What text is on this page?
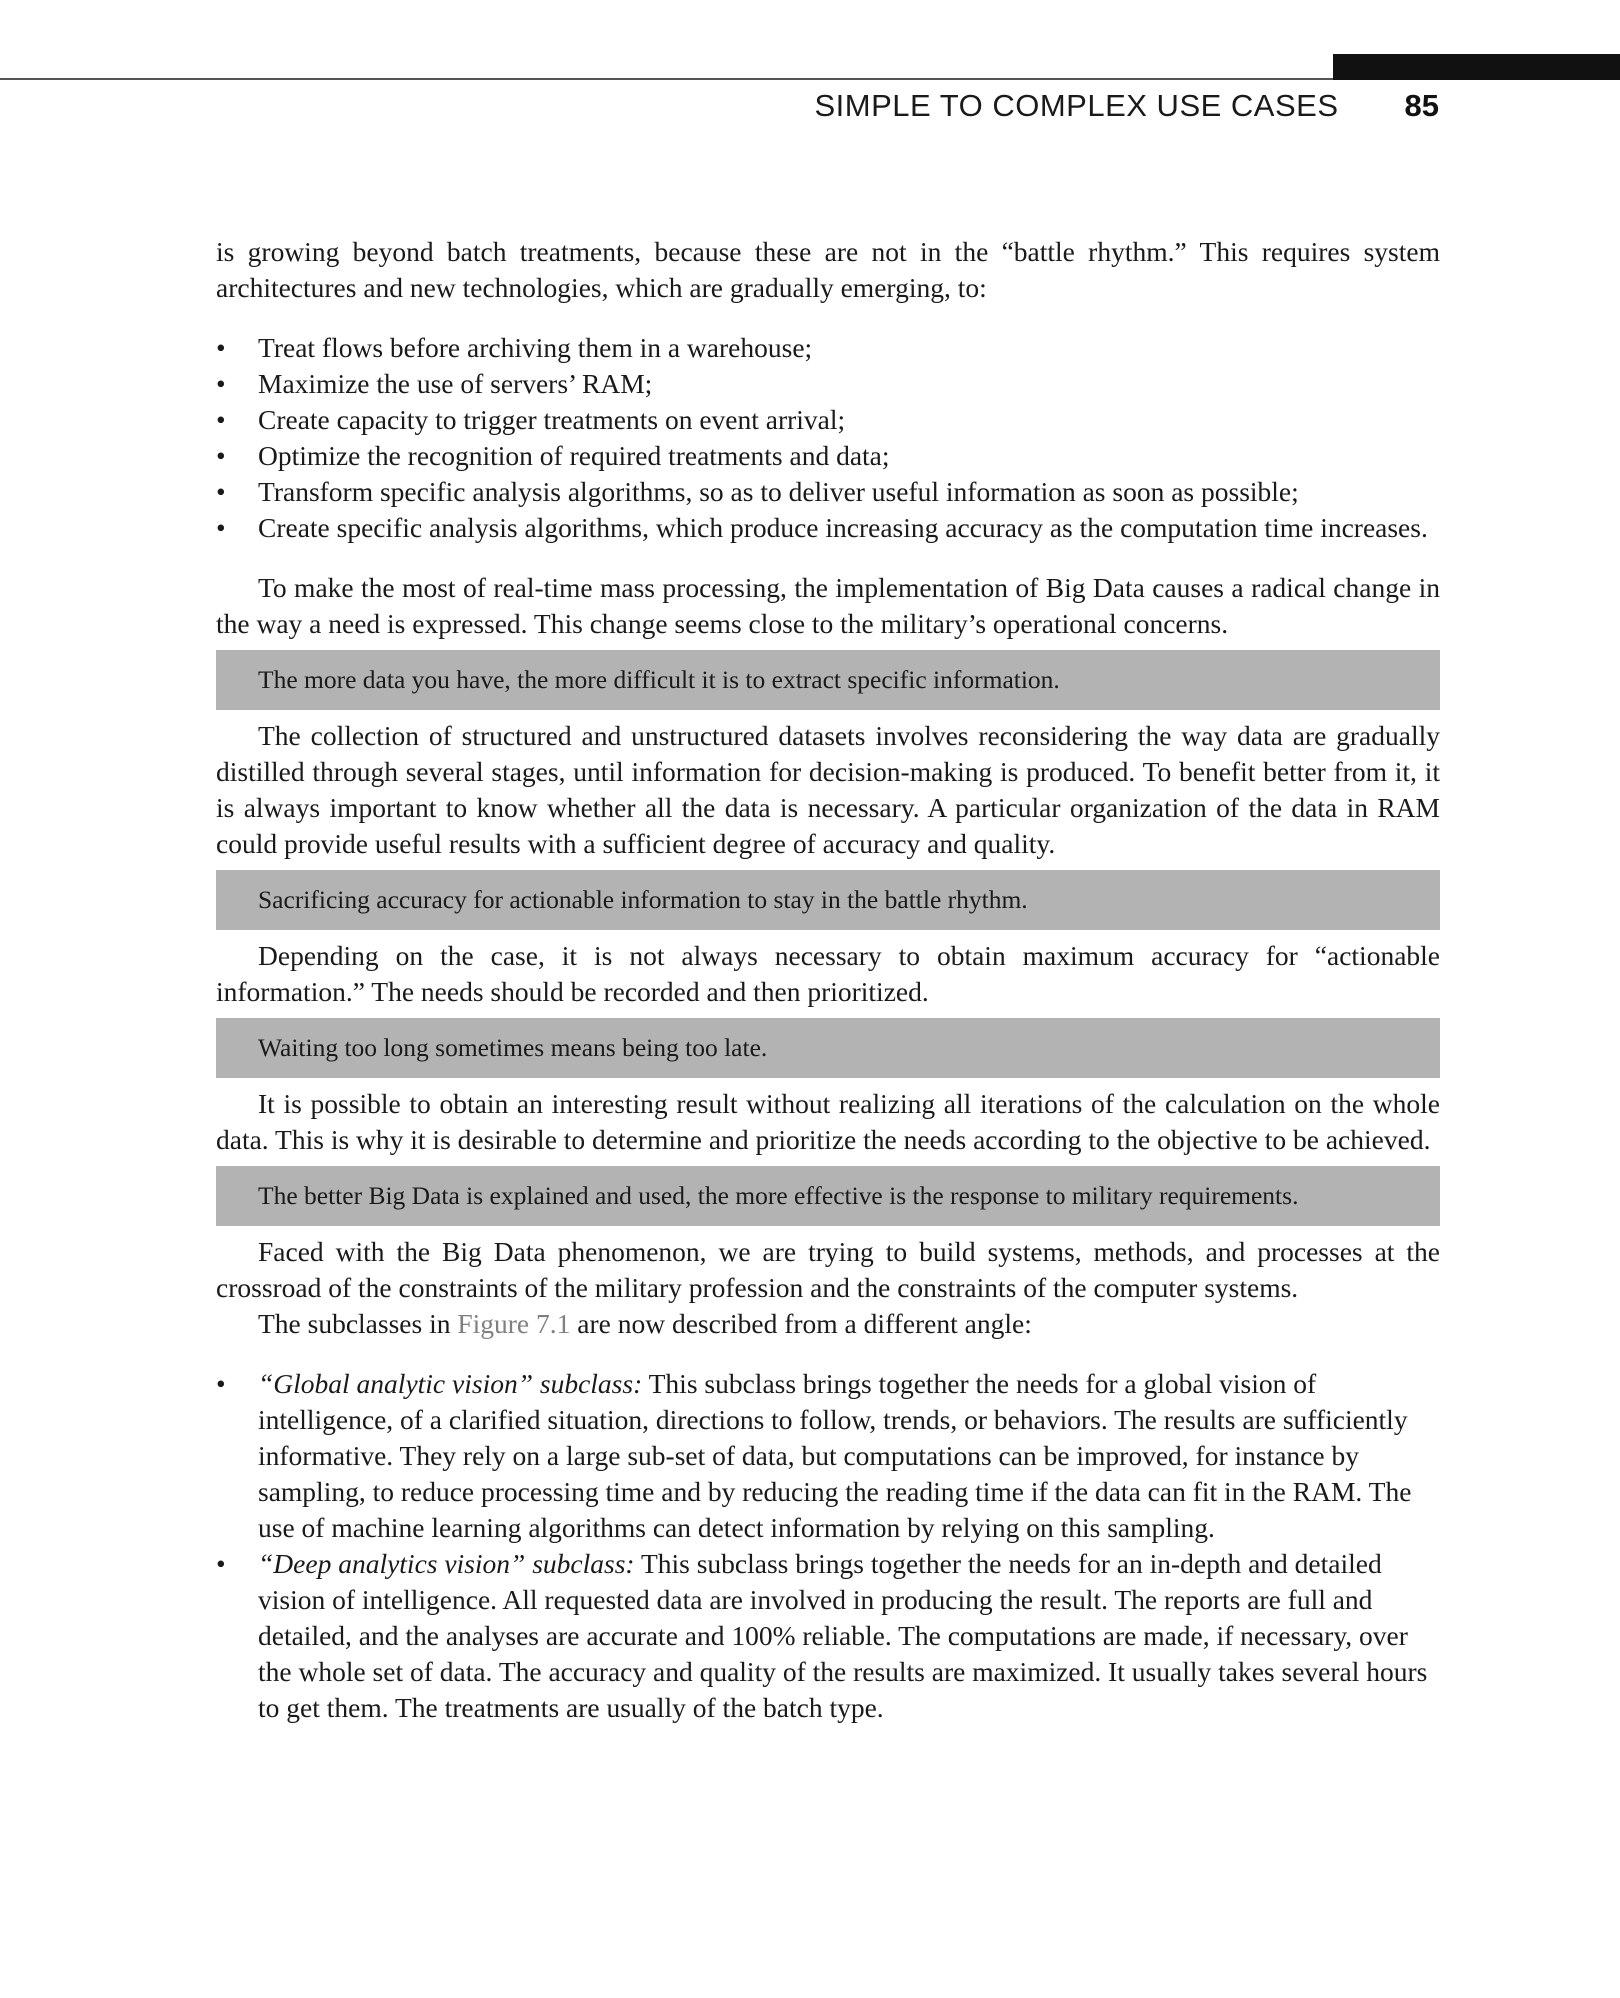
SIMPLE TO COMPLEX USE CASES 85

is growing beyond batch treatments, because these are not in the “battle rhythm.” This requires system architectures and new technologies, which are gradually emerging, to:

• Treat flows before archiving them in a warehouse;
• Maximize the use of servers’ RAM;
• Create capacity to trigger treatments on event arrival;
• Optimize the recognition of required treatments and data;
• Transform specific analysis algorithms, so as to deliver useful information as soon as possible;
• Create specific analysis algorithms, which produce increasing accuracy as the computation time increases.

To make the most of real-time mass processing, the implementation of Big Data causes a radical change in the way a need is expressed. This change seems close to the military’s operational concerns.

The more data you have, the more difficult it is to extract specific information.

The collection of structured and unstructured datasets involves reconsidering the way data are gradually distilled through several stages, until information for decision-making is produced. To benefit better from it, it is always important to know whether all the data is necessary. A particular organization of the data in RAM could provide useful results with a sufficient degree of accuracy and quality.

Sacrificing accuracy for actionable information to stay in the battle rhythm.

Depending on the case, it is not always necessary to obtain maximum accuracy for “actionable information.” The needs should be recorded and then prioritized.

Waiting too long sometimes means being too late.

It is possible to obtain an interesting result without realizing all iterations of the calculation on the whole data. This is why it is desirable to determine and prioritize the needs according to the objective to be achieved.

The better Big Data is explained and used, the more effective is the response to military requirements.

Faced with the Big Data phenomenon, we are trying to build systems, methods, and processes at the crossroad of the constraints of the military profession and the constraints of the computer systems.

The subclasses in Figure 7.1 are now described from a different angle:

• “Global analytic vision” subclass: This subclass brings together the needs for a global vision of intelligence, of a clarified situation, directions to follow, trends, or behaviors. The results are sufficiently informative. They rely on a large sub-set of data, but computations can be improved, for instance by sampling, to reduce processing time and by reducing the reading time if the data can fit in the RAM. The use of machine learning algorithms can detect information by relying on this sampling.
• “Deep analytics vision” subclass: This subclass brings together the needs for an in-depth and detailed vision of intelligence. All requested data are involved in producing the result. The reports are full and detailed, and the analyses are accurate and 100% reliable. The computations are made, if necessary, over the whole set of data. The accuracy and quality of the results are maximized. It usually takes several hours to get them. The treatments are usually of the batch type.
